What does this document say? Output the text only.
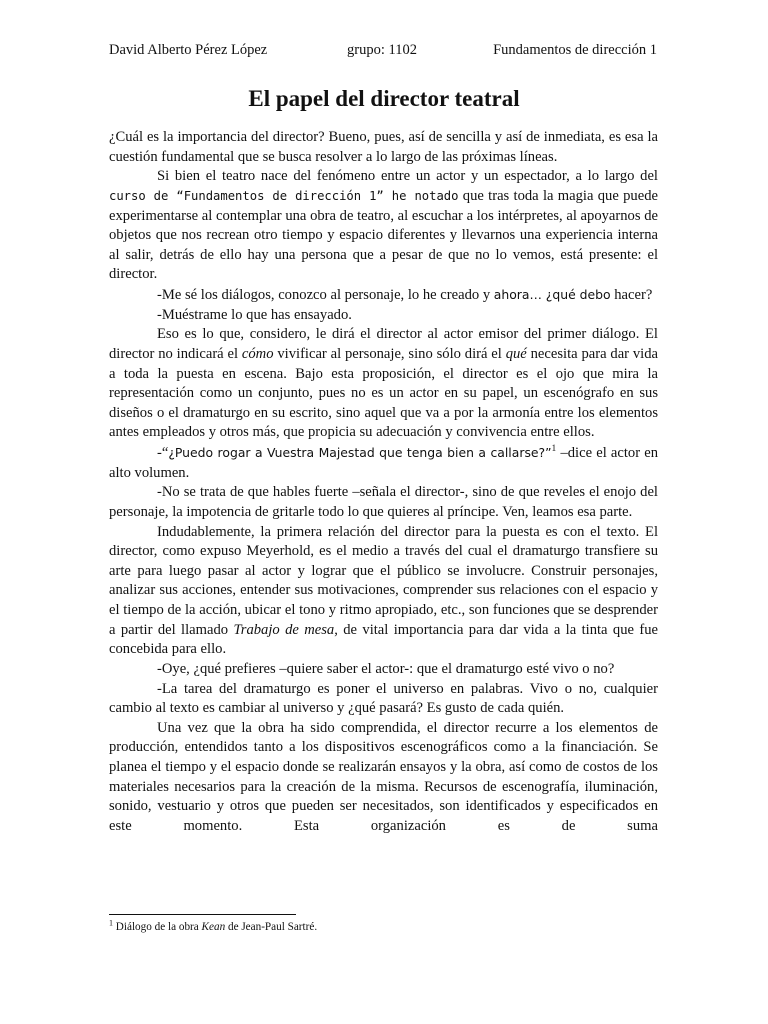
David Alberto Pérez López	grupo: 1102	Fundamentos de dirección 1
El papel del director teatral

¿Cuál es la importancia del director? Bueno, pues, así de sencilla y así de inmediata, es esa la cuestión fundamental que se busca resolver a lo largo de las próximas líneas.

Si bien el teatro nace del fenómeno entre un actor y un espectador, a lo largo del curso de “Fundamentos de dirección 1” he notado que tras toda la magia que puede experimentarse al contemplar una obra de teatro, al escuchar a los intérpretes, al apoyarnos de objetos que nos recrean otro tiempo y espacio diferentes y llevarnos una experiencia interna al salir, detrás de ello hay una persona que a pesar de que no lo vemos, está presente: el director.

-Me sé los diálogos, conozco al personaje, lo he creado y ahora… ¿qué debo hacer?

-Muéstrame lo que has ensayado.

Eso es lo que, considero, le dirá el director al actor emisor del primer diálogo. El director no indicará el cómo vivificar al personaje, sino sólo dirá el qué necesita para dar vida a toda la puesta en escena. Bajo esta proposición, el director es el ojo que mira la representación como un conjunto, pues no es un actor en su papel, un escenógrafo en sus diseños o el dramaturgo en su escrito, sino aquel que va a por la armonía entre los elementos antes empleados y otros más, que propicia su adecuación y convivencia entre ellos.

-“¿Puedo rogar a Vuestra Majestad que tenga bien a callarse?”$^1$ –dice el actor en alto volumen.

-No se trata de que hables fuerte –señala el director-, sino de que reveles el enojo del personaje, la impotencia de gritarle todo lo que quieres al príncipe. Ven, leamos esa parte.

Indudablemente, la primera relación del director para la puesta es con el texto. El director, como expuso Meyerhold, es el medio a través del cual el dramaturgo transfiere su arte para luego pasar al actor y lograr que el público se involucre. Construir personajes, analizar sus acciones, entender sus motivaciones, comprender sus relaciones con el espacio y el tiempo de la acción, ubicar el tono y ritmo apropiado, etc., son funciones que se desprender a partir del llamado Trabajo de mesa, de vital importancia para dar vida a la tinta que fue concebida para ello.

-Oye, ¿qué prefieres –quiere saber el actor-: que el dramaturgo esté vivo o no?

-La tarea del dramaturgo es poner el universo en palabras. Vivo o no, cualquier cambio al texto es cambiar al universo y ¿qué pasará? Es gusto de cada quién.

Una vez que la obra ha sido comprendida, el director recurre a los elementos de producción, entendidos tanto a los dispositivos escenográficos como a la financiación. Se planea el tiempo y el espacio donde se realizarán ensayos y la obra, así como de costos de los materiales necesarios para la creación de la misma. Recursos de escenografía, iluminación, sonido, vestuario y otros que pueden ser necesitados, son identificados y especificados en este momento. Esta organización es de suma

$^1$ Diálogo de la obra Kean de Jean-Paul Sartré.
